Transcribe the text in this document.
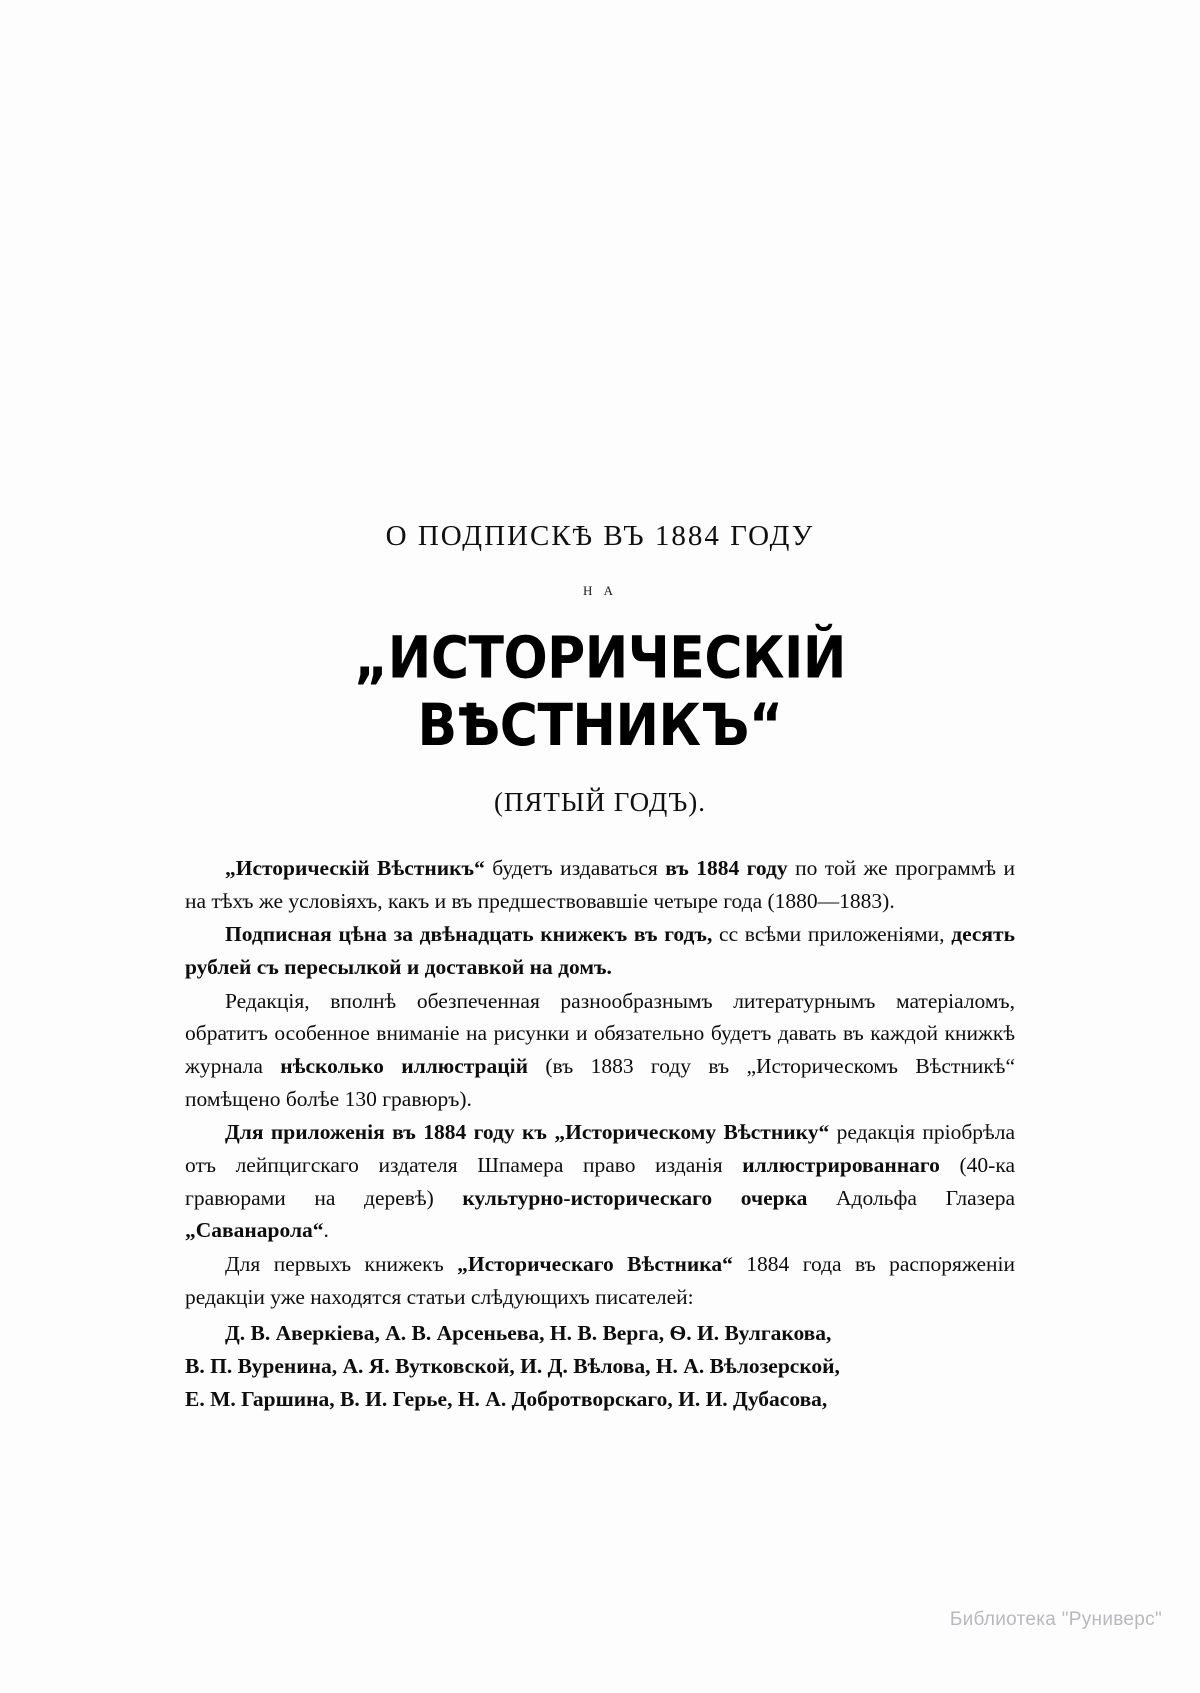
О ПОДПИСКѢ ВЪ 1884 ГОДУ
Н А
„ИСТОРИЧЕСКІЙ ВѢСТНИКЪ“
(ПЯТЫЙ ГОДЪ).

„Историческій Вѣстникъ“ будетъ издаваться въ 1884 году по той же программѣ и на тѣхъ же условіяхъ, какъ и въ предшествовавшіе четыре года (1880—1883).

Подписная цѣна за двѣнадцать книжекъ въ годъ, сс всѣми приложеніями, десять рублей съ пересылкой и доставкой на домъ.

Редакція, вполнѣ обезпеченная разнообразнымъ литературнымъ матеріаломъ, обратитъ особенное вниманіе на рисунки и обязательно будетъ давать въ каждой книжкѣ журнала нѣсколько иллюстрацій (въ 1883 году въ „Историческомъ Вѣстникѣ“ помѣщено болѣе 130 гравюръ).

Для приложенія въ 1884 году къ „Историческому Вѣстнику“ редакція пріобрѣла отъ лейпцигскаго издателя Шпамера право изданія иллюстрированнаго (40-ка гравюрами на деревѣ) культурно-историческаго очерка Адольфа Глазера „Саванарола“.

Для первыхъ книжекъ „Историческаго Вѣстника“ 1884 года въ распоряженіи редакціи уже находятся статьи слѣдующихъ писателей:

Д. В. Аверкіева, А. В. Арсеньева, Н. В. Верга, Ѳ. И. Вулгакова,

В. П. Вуренина, А. Я. Вутковской, И. Д. Вѣлова, Н. А. Вѣлозерской,

Е. М. Гаршина, В. И. Герье, Н. А. Добротворскаго, И. И. Дубасова,

Библиотека "Руниверс"
